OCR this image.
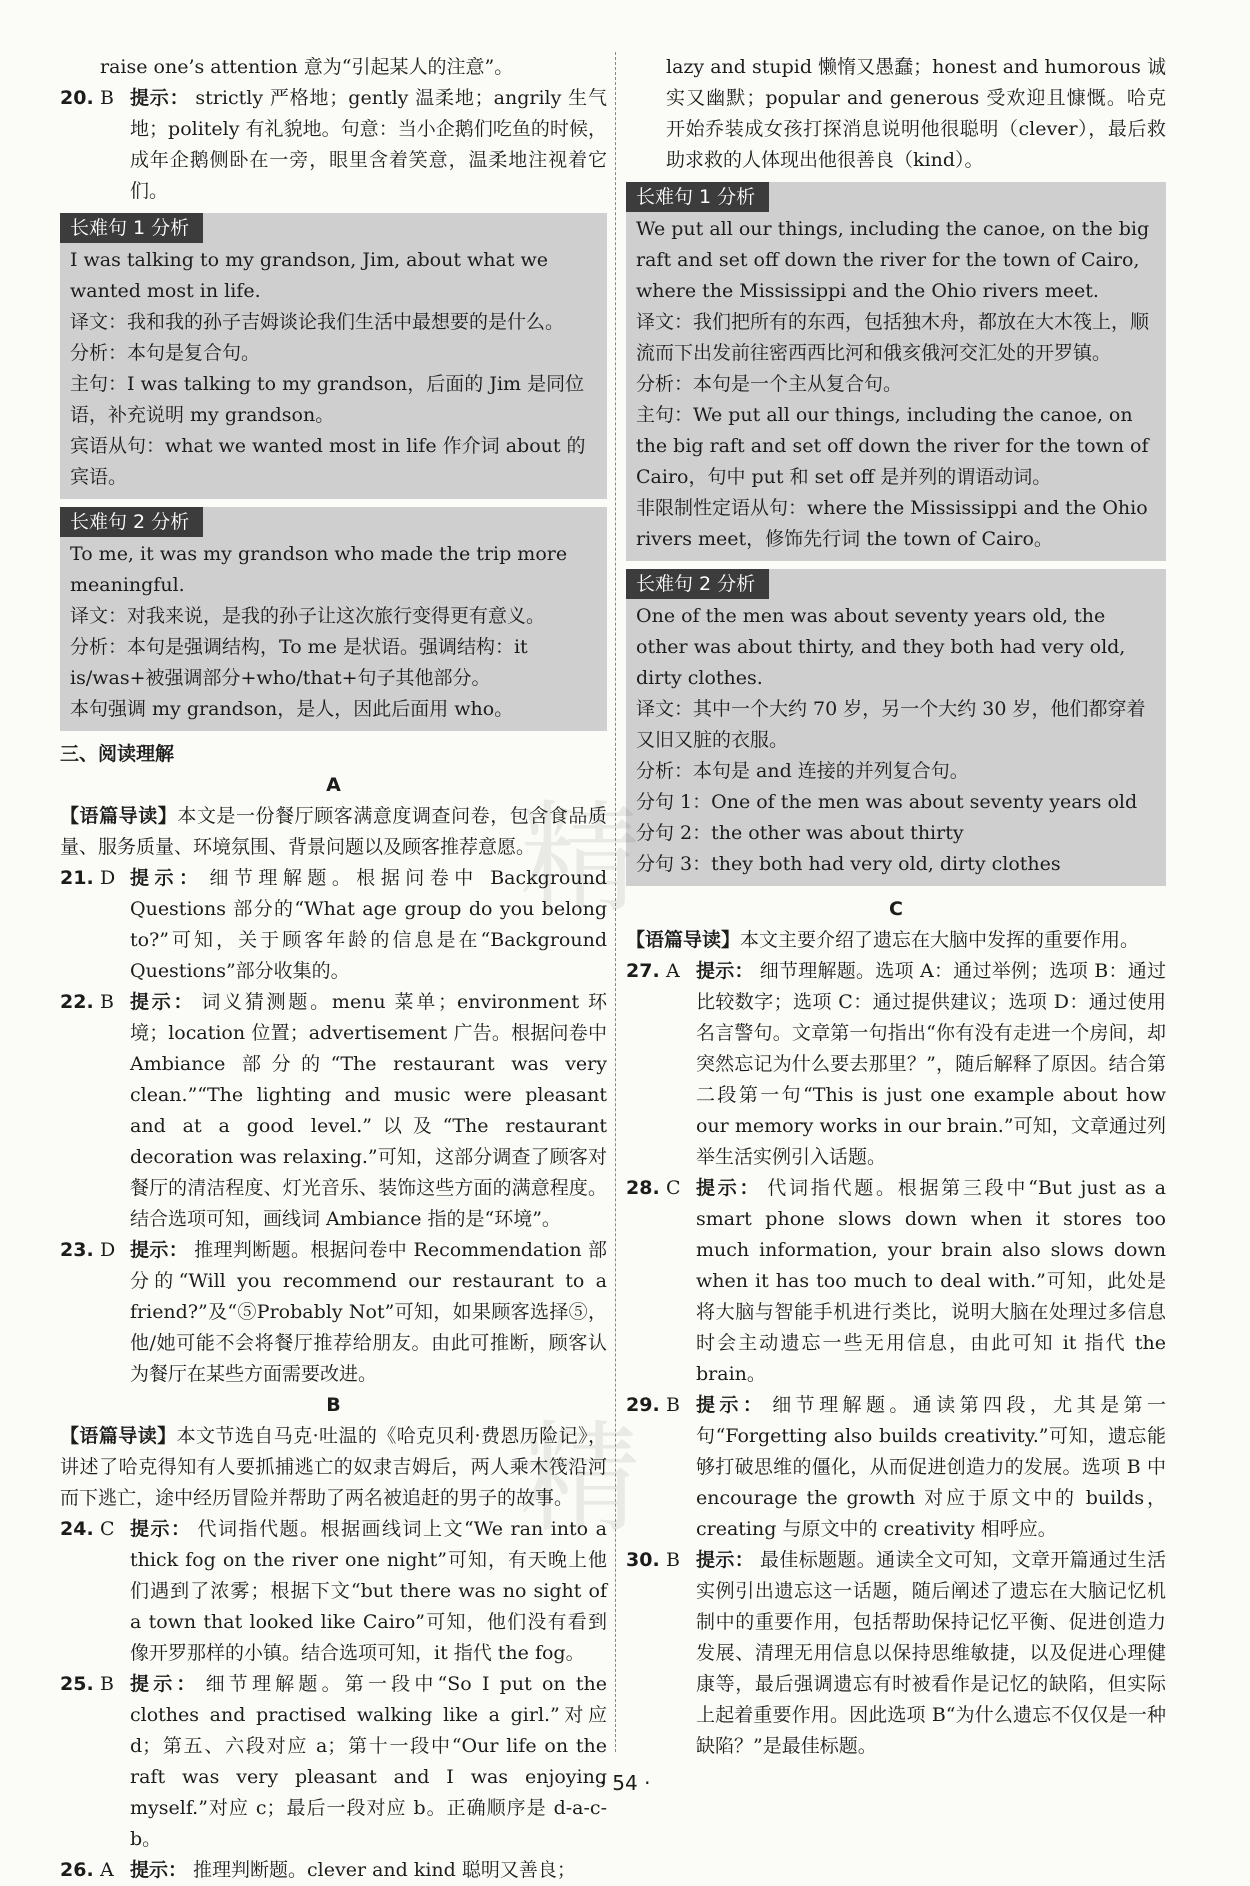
raise one’s attention 意为“引起某人的注意”。

20. B 提示： strictly 严格地；gently 温柔地；angrily 生气地；politely 有礼貌地。句意：当小企鹅们吃鱼的时候，成年企鹅侧卧在一旁，眼里含着笑意，温柔地注视着它们。
长难句 1 分析

I was talking to my grandson, Jim, about what we wanted most in life.

译文：我和我的孙子吉姆谈论我们生活中最想要的是什么。

分析：本句是复合句。

主句：I was talking to my grandson，后面的 Jim 是同位语，补充说明 my grandson。

宾语从句：what we wanted most in life 作介词 about 的宾语。

长难句 2 分析

To me, it was my grandson who made the trip more meaningful.

译文：对我来说，是我的孙子让这次旅行变得更有意义。

分析：本句是强调结构，To me 是状语。强调结构：it is/was+被强调部分+who/that+句子其他部分。

本句强调 my grandson，是人，因此后面用 who。

三、阅读理解

A

【语篇导读】本文是一份餐厅顾客满意度调查问卷，包含食品质量、服务质量、环境氛围、背景问题以及顾客推荐意愿。

21. D 提示： 细节理解题。根据问卷中 Background Questions 部分的“What age group do you belong to?”可知，关于顾客年龄的信息是在“Background Questions”部分收集的。
22. B 提示： 词义猜测题。menu 菜单；environment 环境；location 位置；advertisement 广告。根据问卷中 Ambiance 部分的“The restaurant was very clean.”“The lighting and music were pleasant and at a good level.”以及“The restaurant decoration was relaxing.”可知，这部分调查了顾客对餐厅的清洁程度、灯光音乐、装饰这些方面的满意程度。结合选项可知，画线词 Ambiance 指的是“环境”。
23. D 提示： 推理判断题。根据问卷中 Recommendation 部分的“Will you recommend our restaurant to a friend?”及“⑤Probably Not”可知，如果顾客选择⑤，他/她可能不会将餐厅推荐给朋友。由此可推断，顾客认为餐厅在某些方面需要改进。

B

【语篇导读】本文节选自马克·吐温的《哈克贝利·费恩历险记》，讲述了哈克得知有人要抓捕逃亡的奴隶吉姆后，两人乘木筏沿河而下逃亡，途中经历冒险并帮助了两名被追赶的男子的故事。

24. C 提示： 代词指代题。根据画线词上文“We ran into a thick fog on the river one night”可知，有天晚上他们遇到了浓雾；根据下文“but there was no sight of a town that looked like Cairo”可知，他们没有看到像开罗那样的小镇。结合选项可知，it 指代 the fog。
25. B 提示： 细节理解题。第一段中“So I put on the clothes and practised walking like a girl.”对应 d；第五、六段对应 a；第十一段中“Our life on the raft was very pleasant and I was enjoying myself.”对应 c；最后一段对应 b。正确顺序是 d-a-c-b。
26. A 提示： 推理判断题。clever and kind 聪明又善良；

lazy and stupid 懒惰又愚蠢；honest and humorous 诚实又幽默；popular and generous 受欢迎且慷慨。哈克开始乔装成女孩打探消息说明他很聪明（clever），最后救助求救的人体现出他很善良（kind）。

长难句 1 分析

We put all our things, including the canoe, on the big raft and set off down the river for the town of Cairo, where the Mississippi and the Ohio rivers meet.

译文：我们把所有的东西，包括独木舟，都放在大木筏上，顺流而下出发前往密西西比河和俄亥俄河交汇处的开罗镇。

分析：本句是一个主从复合句。

主句：We put all our things, including the canoe, on the big raft and set off down the river for the town of Cairo，句中 put 和 set off 是并列的谓语动词。

非限制性定语从句：where the Mississippi and the Ohio rivers meet，修饰先行词 the town of Cairo。

长难句 2 分析

One of the men was about seventy years old, the other was about thirty, and they both had very old, dirty clothes.

译文：其中一个大约 70 岁，另一个大约 30 岁，他们都穿着又旧又脏的衣服。

分析：本句是 and 连接的并列复合句。

分句 1：One of the men was about seventy years old

分句 2：the other was about thirty

分句 3：they both had very old, dirty clothes

C

【语篇导读】本文主要介绍了遗忘在大脑中发挥的重要作用。

27. A 提示： 细节理解题。选项 A：通过举例；选项 B：通过比较数字；选项 C：通过提供建议；选项 D：通过使用名言警句。文章第一句指出“你有没有走进一个房间，却突然忘记为什么要去那里？”，随后解释了原因。结合第二段第一句“This is just one example about how our memory works in our brain.”可知，文章通过列举生活实例引入话题。
28. C 提示： 代词指代题。根据第三段中“But just as a smart phone slows down when it stores too much information, your brain also slows down when it has too much to deal with.”可知，此处是将大脑与智能手机进行类比，说明大脑在处理过多信息时会主动遗忘一些无用信息，由此可知 it 指代 the brain。
29. B 提示： 细节理解题。通读第四段，尤其是第一句“Forgetting also builds creativity.”可知，遗忘能够打破思维的僵化，从而促进创造力的发展。选项 B 中 encourage the growth 对应于原文中的 builds，creating 与原文中的 creativity 相呼应。
30. B 提示： 最佳标题题。通读全文可知，文章开篇通过生活实例引出遗忘这一话题，随后阐述了遗忘在大脑记忆机制中的重要作用，包括帮助保持记忆平衡、促进创造力发展、清理无用信息以保持思维敏捷，以及促进心理健康等，最后强调遗忘有时被看作是记忆的缺陷，但实际上起着重要作用。因此选项 B“为什么遗忘不仅仅是一种缺陷？”是最佳标题。
精
精
· 54 ·
